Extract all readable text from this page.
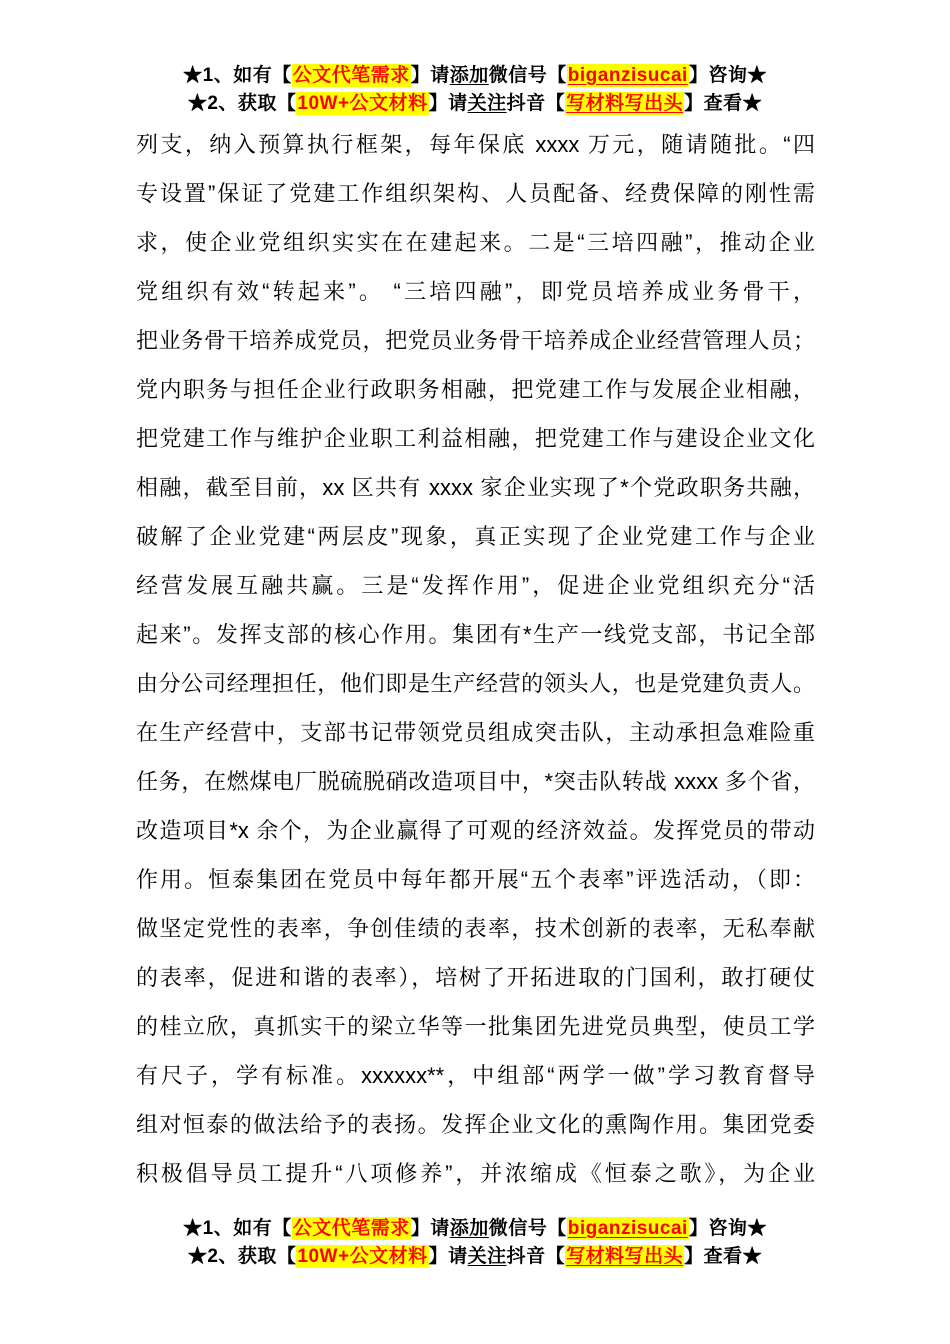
★1、如有【公文代笔需求】请添加微信号【biganzisucai】咨询★
★2、获取【10W+公文材料】请关注抖音【写材料写出头】查看★
列支，纳入预算执行框架，每年保底 xxxx 万元，随请随批。“四
专设置”保证了党建工作组织架构、人员配备、经费保障的刚性需
求，使企业党组织实实在在建起来。二是“三培四融”，推动企业
党组织有效“转起来”。 “三培四融”，即党员培养成业务骨干，
把业务骨干培养成党员，把党员业务骨干培养成企业经营管理人员；
党内职务与担任企业行政职务相融，把党建工作与发展企业相融，
把党建工作与维护企业职工利益相融，把党建工作与建设企业文化
相融，截至目前，xx 区共有 xxxx 家企业实现了*个党政职务共融，
破解了企业党建“两层皮”现象，真正实现了企业党建工作与企业
经营发展互融共赢。三是“发挥作用”，促进企业党组织充分“活
起来”。发挥支部的核心作用。集团有*生产一线党支部，书记全部
由分公司经理担任，他们即是生产经营的领头人，也是党建负责人。
在生产经营中，支部书记带领党员组成突击队，主动承担急难险重
任务，在燃煤电厂脱硫脱硝改造项目中，*突击队转战 xxxx 多个省，
改造项目*x 余个，为企业赢得了可观的经济效益。发挥党员的带动
作用。恒泰集团在党员中每年都开展“五个表率”评选活动，（即：
做坚定党性的表率，争创佳绩的表率，技术创新的表率，无私奉献
的表率，促进和谐的表率），培树了开拓进取的门国利，敢打硬仗
的桂立欣，真抓实干的梁立华等一批集团先进党员典型，使员工学
有尺子，学有标准。xxxxxx**，中组部“两学一做”学习教育督导
组对恒泰的做法给予的表扬。发挥企业文化的熏陶作用。集团党委
积极倡导员工提升“八项修养”，并浓缩成《恒泰之歌》，为企业
★1、如有【公文代笔需求】请添加微信号【biganzisucai】咨询★
★2、获取【10W+公文材料】请关注抖音【写材料写出头】查看★
